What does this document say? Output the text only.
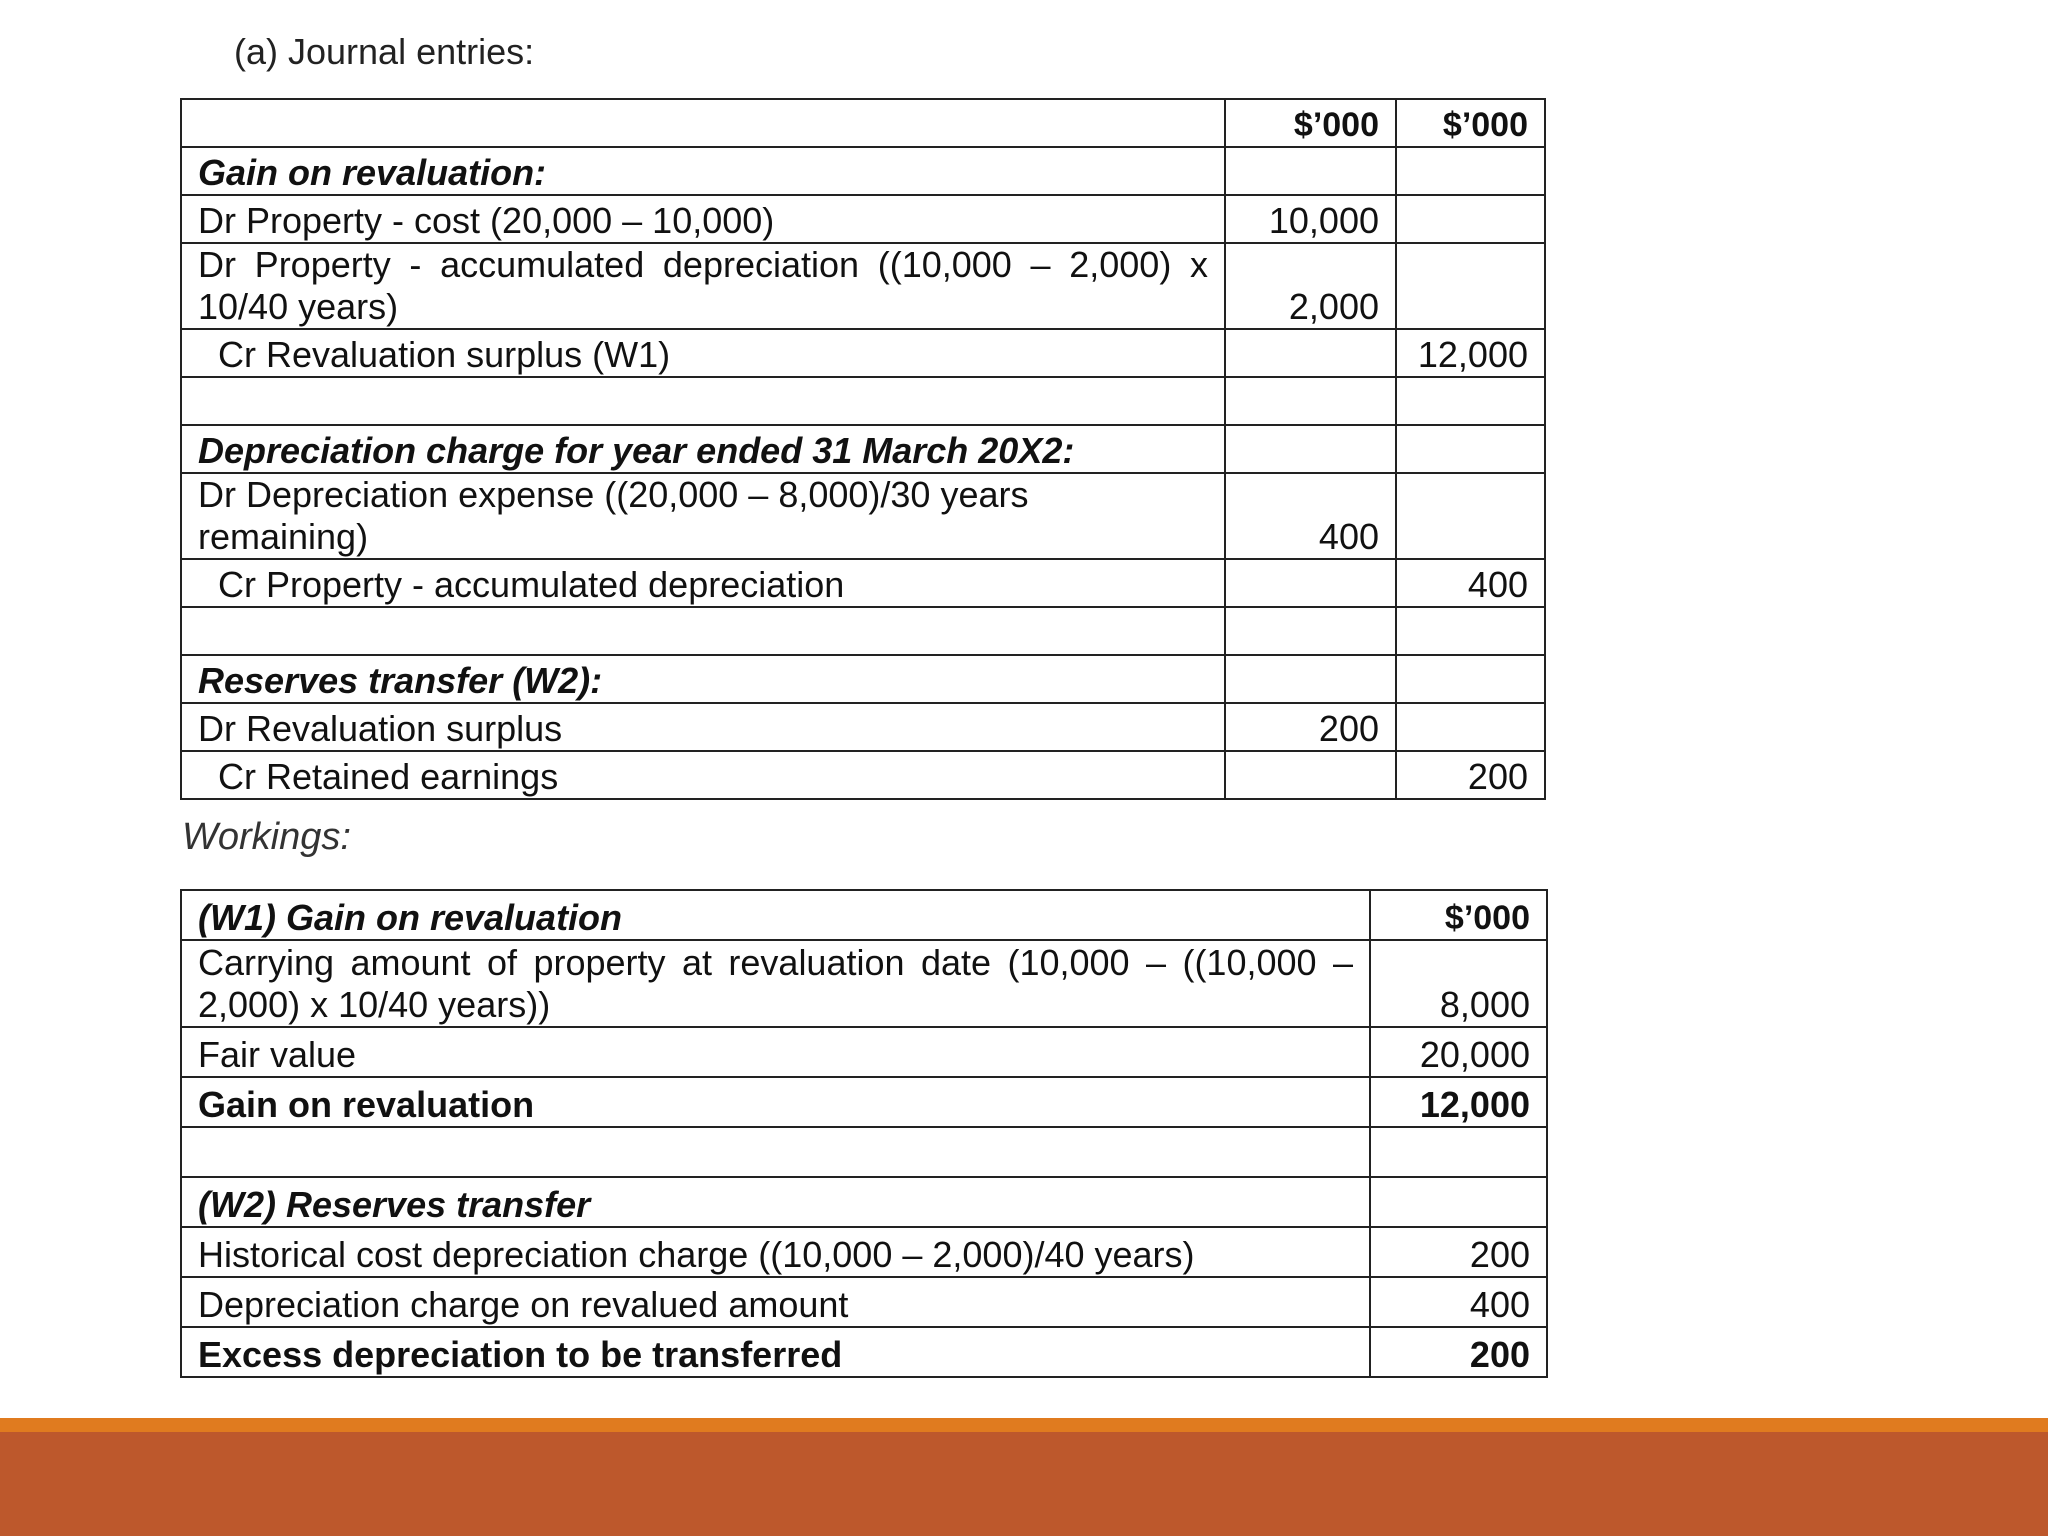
(a) Journal entries:
	$’000	$’000
Gain on revaluation:		
Dr Property - cost (20,000 – 10,000)	10,000	
Dr Property - accumulated depreciation ((10,000 – 2,000) x 10/40 years)	2,000	
Cr Revaluation surplus (W1)		12,000

Depreciation charge for year ended 31 March 20X2:		
Dr Depreciation expense ((20,000 – 8,000)/30 years remaining)	400	
Cr Property - accumulated depreciation		400

Reserves transfer (W2):		
Dr Revaluation surplus	200	
Cr Retained earnings		200
Workings:
(W1) Gain on revaluation	$’000
Carrying amount of property at revaluation date (10,000 – ((10,000 – 2,000) x 10/40 years))	8,000
Fair value	20,000
Gain on revaluation	12,000

(W2) Reserves transfer	
Historical cost depreciation charge ((10,000 – 2,000)/40 years)	200
Depreciation charge on revalued amount	400
Excess depreciation to be transferred	200
